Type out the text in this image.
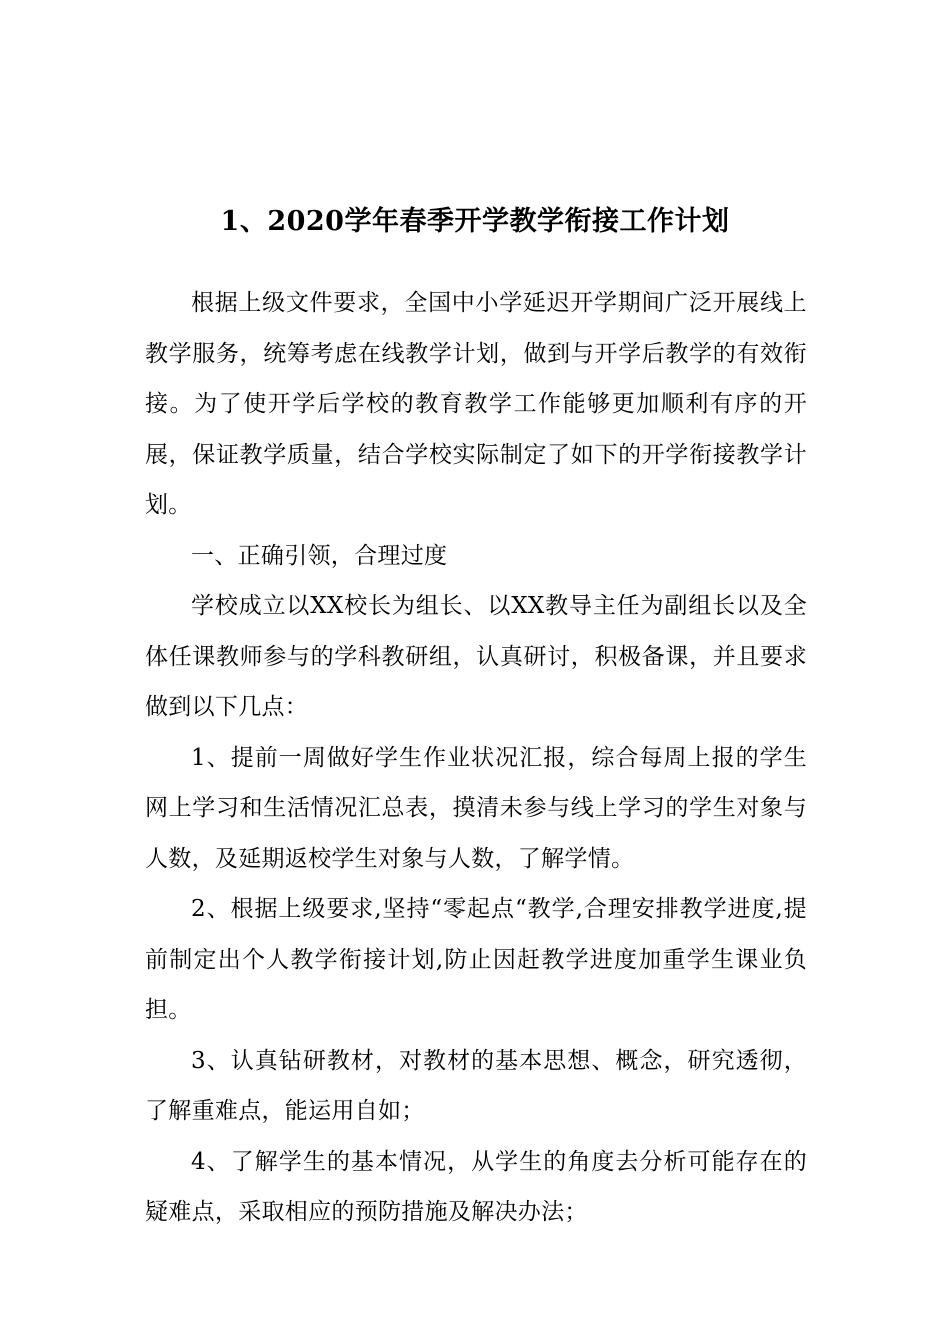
1、2020学年春季开学教学衔接工作计划

根据上级文件要求，全国中小学延迟开学期间广泛开展线上教学服务，统筹考虑在线教学计划，做到与开学后教学的有效衔接。为了使开学后学校的教育教学工作能够更加顺利有序的开展，保证教学质量，结合学校实际制定了如下的开学衔接教学计划。

一、正确引领，合理过度

学校成立以XX校长为组长、以XX教导主任为副组长以及全体任课教师参与的学科教研组，认真研讨，积极备课，并且要求做到以下几点：

1、提前一周做好学生作业状况汇报，综合每周上报的学生网上学习和生活情况汇总表，摸清未参与线上学习的学生对象与人数，及延期返校学生对象与人数，了解学情。

2、根据上级要求,坚持“零起点“教学,合理安排教学进度,提前制定出个人教学衔接计划,防止因赶教学进度加重学生课业负担。

3、认真钻研教材，对教材的基本思想、概念，研究透彻，了解重难点，能运用自如；

4、了解学生的基本情况，从学生的角度去分析可能存在的疑难点，采取相应的预防措施及解决办法；
